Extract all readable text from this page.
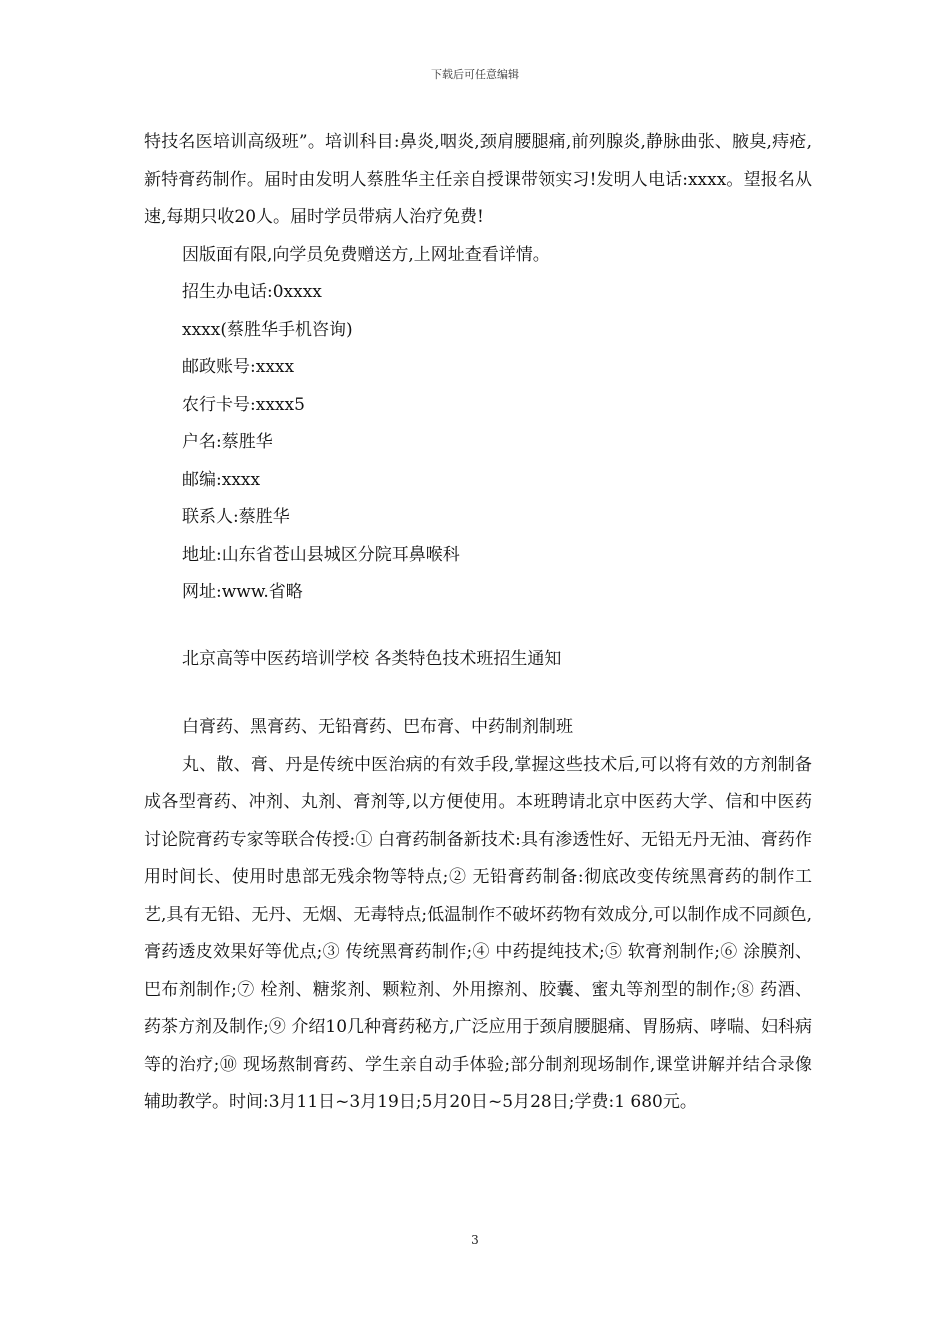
下载后可任意编辑

特技名医培训高级班”。培训科目:鼻炎,咽炎,颈肩腰腿痛,前列腺炎,静脉曲张、腋臭,痔疮,新特膏药制作。届时由发明人蔡胜华主任亲自授课带领实习!发明人电话:xxxx。望报名从速,每期只收20人。届时学员带病人治疗免费!

因版面有限,向学员免费赠送方,上网址查看详情。

招生办电话:0xxxx
xxxx(蔡胜华手机咨询)
邮政账号:xxxx
农行卡号:xxxx5
户名:蔡胜华
邮编:xxxx
联系人:蔡胜华
地址:山东省苍山县城区分院耳鼻喉科
网址:www.省略
北京高等中医药培训学校 各类特色技术班招生通知
白膏药、黑膏药、无铅膏药、巴布膏、中药制剂制班

丸、散、膏、丹是传统中医治病的有效手段,掌握这些技术后,可以将有效的方剂制备成各型膏药、冲剂、丸剂、膏剂等,以方便使用。本班聘请北京中医药大学、信和中医药讨论院膏药专家等联合传授:① 白膏药制备新技术:具有渗透性好、无铅无丹无油、膏药作用时间长、使用时患部无残余物等特点;② 无铅膏药制备:彻底改变传统黑膏药的制作工艺,具有无铅、无丹、无烟、无毒特点;低温制作不破坏药物有效成分,可以制作成不同颜色,膏药透皮效果好等优点;③ 传统黑膏药制作;④ 中药提纯技术;⑤ 软膏剂制作;⑥ 涂膜剂、巴布剂制作;⑦ 栓剂、糖浆剂、颗粒剂、外用擦剂、胶囊、蜜丸等剂型的制作;⑧ 药酒、药茶方剂及制作;⑨ 介绍10几种膏药秘方,广泛应用于颈肩腰腿痛、胃肠病、哮喘、妇科病等的治疗;⑩ 现场熬制膏药、学生亲自动手体验;部分制剂现场制作,课堂讲解并结合录像辅助教学。时间:3月11日~3月19日;5月20日~5月28日;学费:1 680元。

3
